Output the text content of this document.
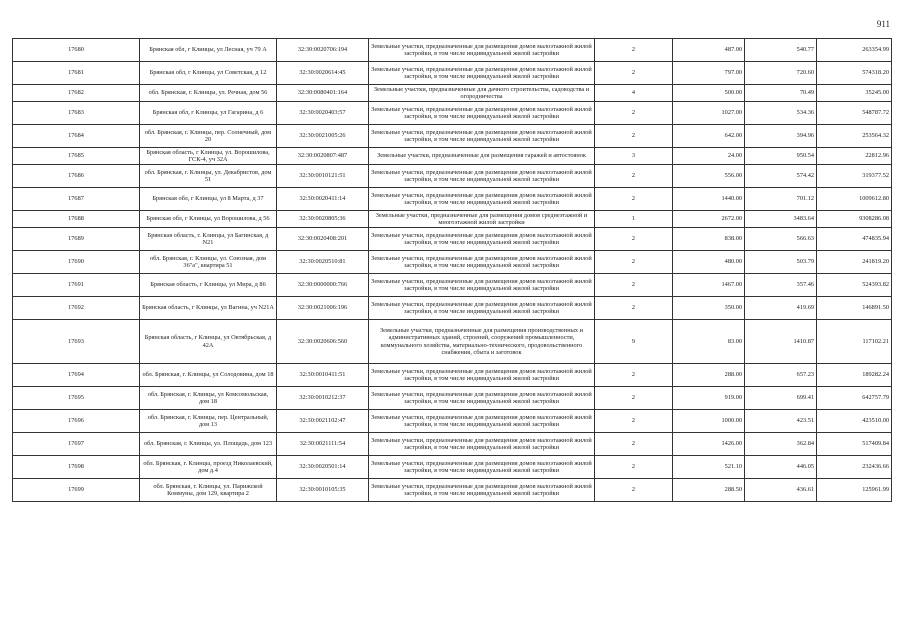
911
17680	Брянская обл, г Клинцы, ул Лесная, уч 79 А	32:30:0020706:194	Земельные участки, предназначенные для размещения домов малоэтажной жилой застройки, в том числе индивидуальной жилой застройки	2	487.00	540.77	263354.99
17681	Брянская обл, г Клинцы, ул Советская, д 12	32:30:0020614:45	Земельные участки, предназначенные для размещения домов малоэтажной жилой застройки, в том числе индивидуальной жилой застройки	2	797.00	720.60	574318.20
17682	обл. Брянская, г. Клинцы, ул. Речная, дом 56	32:30:0080401:164	Земельные участки, предназначенные для дачного строительства, садоводства и огородничества	4	500.00	70.49	35245.00
17683	Брянская обл, г Клинцы, ул Гагарина, д 6	32:30:0020403:57	Земельные участки, предназначенные для размещения домов малоэтажной жилой застройки, в том числе индивидуальной жилой застройки	2	1027.00	534.36	548787.72
17684	обл. Брянская, г. Клинцы, пер. Солнечный, дом 20	32:30:0021005:26	Земельные участки, предназначенные для размещения домов малоэтажной жилой застройки, в том числе индивидуальной жилой застройки	2	642.00	394.96	253564.32
17685	Брянская область, г Клинцы, ул. Ворошилова, ГСК-4, уч 32А	32:30:0020807:487	Земельные участки, предназначенные для размещения гаражей и автостоянок	3	24.00	950.54	22812.96
17686	обл. Брянская, г. Клинцы, ул. Декабристов, дом 51	32:30:0010121:51	Земельные участки, предназначенные для размещения домов малоэтажной жилой застройки, в том числе индивидуальной жилой застройки	2	556.00	574.42	319377.52
17687	Брянская обл, г Клинцы, ул 8 Марта, д 37	32:30:0020411:14	Земельные участки, предназначенные для размещения домов малоэтажной жилой застройки, в том числе индивидуальной жилой застройки	2	1440.00	701.12	1009612.80
17688	Брянская обл, г Клинцы, ул Ворошилова, д 56	32:30:0020805:36	Земельные участки, предназначенные для размещения домов среднеэтажной и многоэтажной жилой застройки	1	2672.00	3483.64	9308286.08
17689	Брянская область, г. Клинцы, ул Багинская, д N21	32:30:0020408:201	Земельные участки, предназначенные для размещения домов малоэтажной жилой застройки, в том числе индивидуальной жилой застройки	2	838.00	566.63	474835.94
17690	обл. Брянская, г. Клинцы, ул. Союзная, дом 36"а", квартира 51	32:30:0020510:81	Земельные участки, предназначенные для размещения домов малоэтажной жилой застройки, в том числе индивидуальной жилой застройки	2	480.00	503.79	241819.20
17691	Брянская область, г Клинцы, ул Мира, д 86	32:30:0000000:766	Земельные участки, предназначенные для размещения домов малоэтажной жилой застройки, в том числе индивидуальной жилой застройки	2	1467.00	357.46	524393.82
17692	Брянская область, г Клинцы, ул Вагина, уч N21А	32:30:0021006:196	Земельные участки, предназначенные для размещения домов малоэтажной жилой застройки, в том числе индивидуальной жилой застройки	2	350.00	419.69	146891.50
17693	Брянская область, г Клинцы, ул Октябрьская, д 42А	32:30:0020606:560	Земельные участки, предназначенные для размещения производственных и административных зданий, строений, сооружений промышленности, коммунального хозяйства, материально-технического, продовольственного снабжения, сбыта и заготовок	9	83.00	1410.87	117102.21
17694	обл. Брянская, г. Клинцы, ул Солодовина, дом 18	32:30:0010411:51	Земельные участки, предназначенные для размещения домов малоэтажной жилой застройки, в том числе индивидуальной жилой застройки	2	288.00	657.23	189282.24
17695	обл. Брянская, г. Клинцы, ул Комсомольская, дом 18	32:30:0010212:37	Земельные участки, предназначенные для размещения домов малоэтажной жилой застройки, в том числе индивидуальной жилой застройки	2	919.00	699.41	642757.79
17696	обл. Брянская, г. Клинцы, пер. Центральный, дом 13	32:30:0021102:47	Земельные участки, предназначенные для размещения домов малоэтажной жилой застройки, в том числе индивидуальной жилой застройки	2	1000.00	423.51	423510.00
17697	обл. Брянская, г. Клинцы, ул. Площадь, дом 123	32:30:0021111:54	Земельные участки, предназначенные для размещения домов малоэтажной жилой застройки, в том числе индивидуальной жилой застройки	2	1426.00	362.84	517409.84
17698	обл. Брянская, г. Клинцы, проезд Николаевский, дом д.4	32:30:0020501:14	Земельные участки, предназначенные для размещения домов малоэтажной жилой застройки, в том числе индивидуальной жилой застройки	2	521.10	446.05	232436.66
17699	обл. Брянская, г. Клинцы, ул. Парижской Коммуны, дом 129, квартира 2	32:30:0010105:35	Земельные участки, предназначенные для размещения домов малоэтажной жилой застройки, в том числе индивидуальной жилой застройки	2	288.50	436.61	125961.99
